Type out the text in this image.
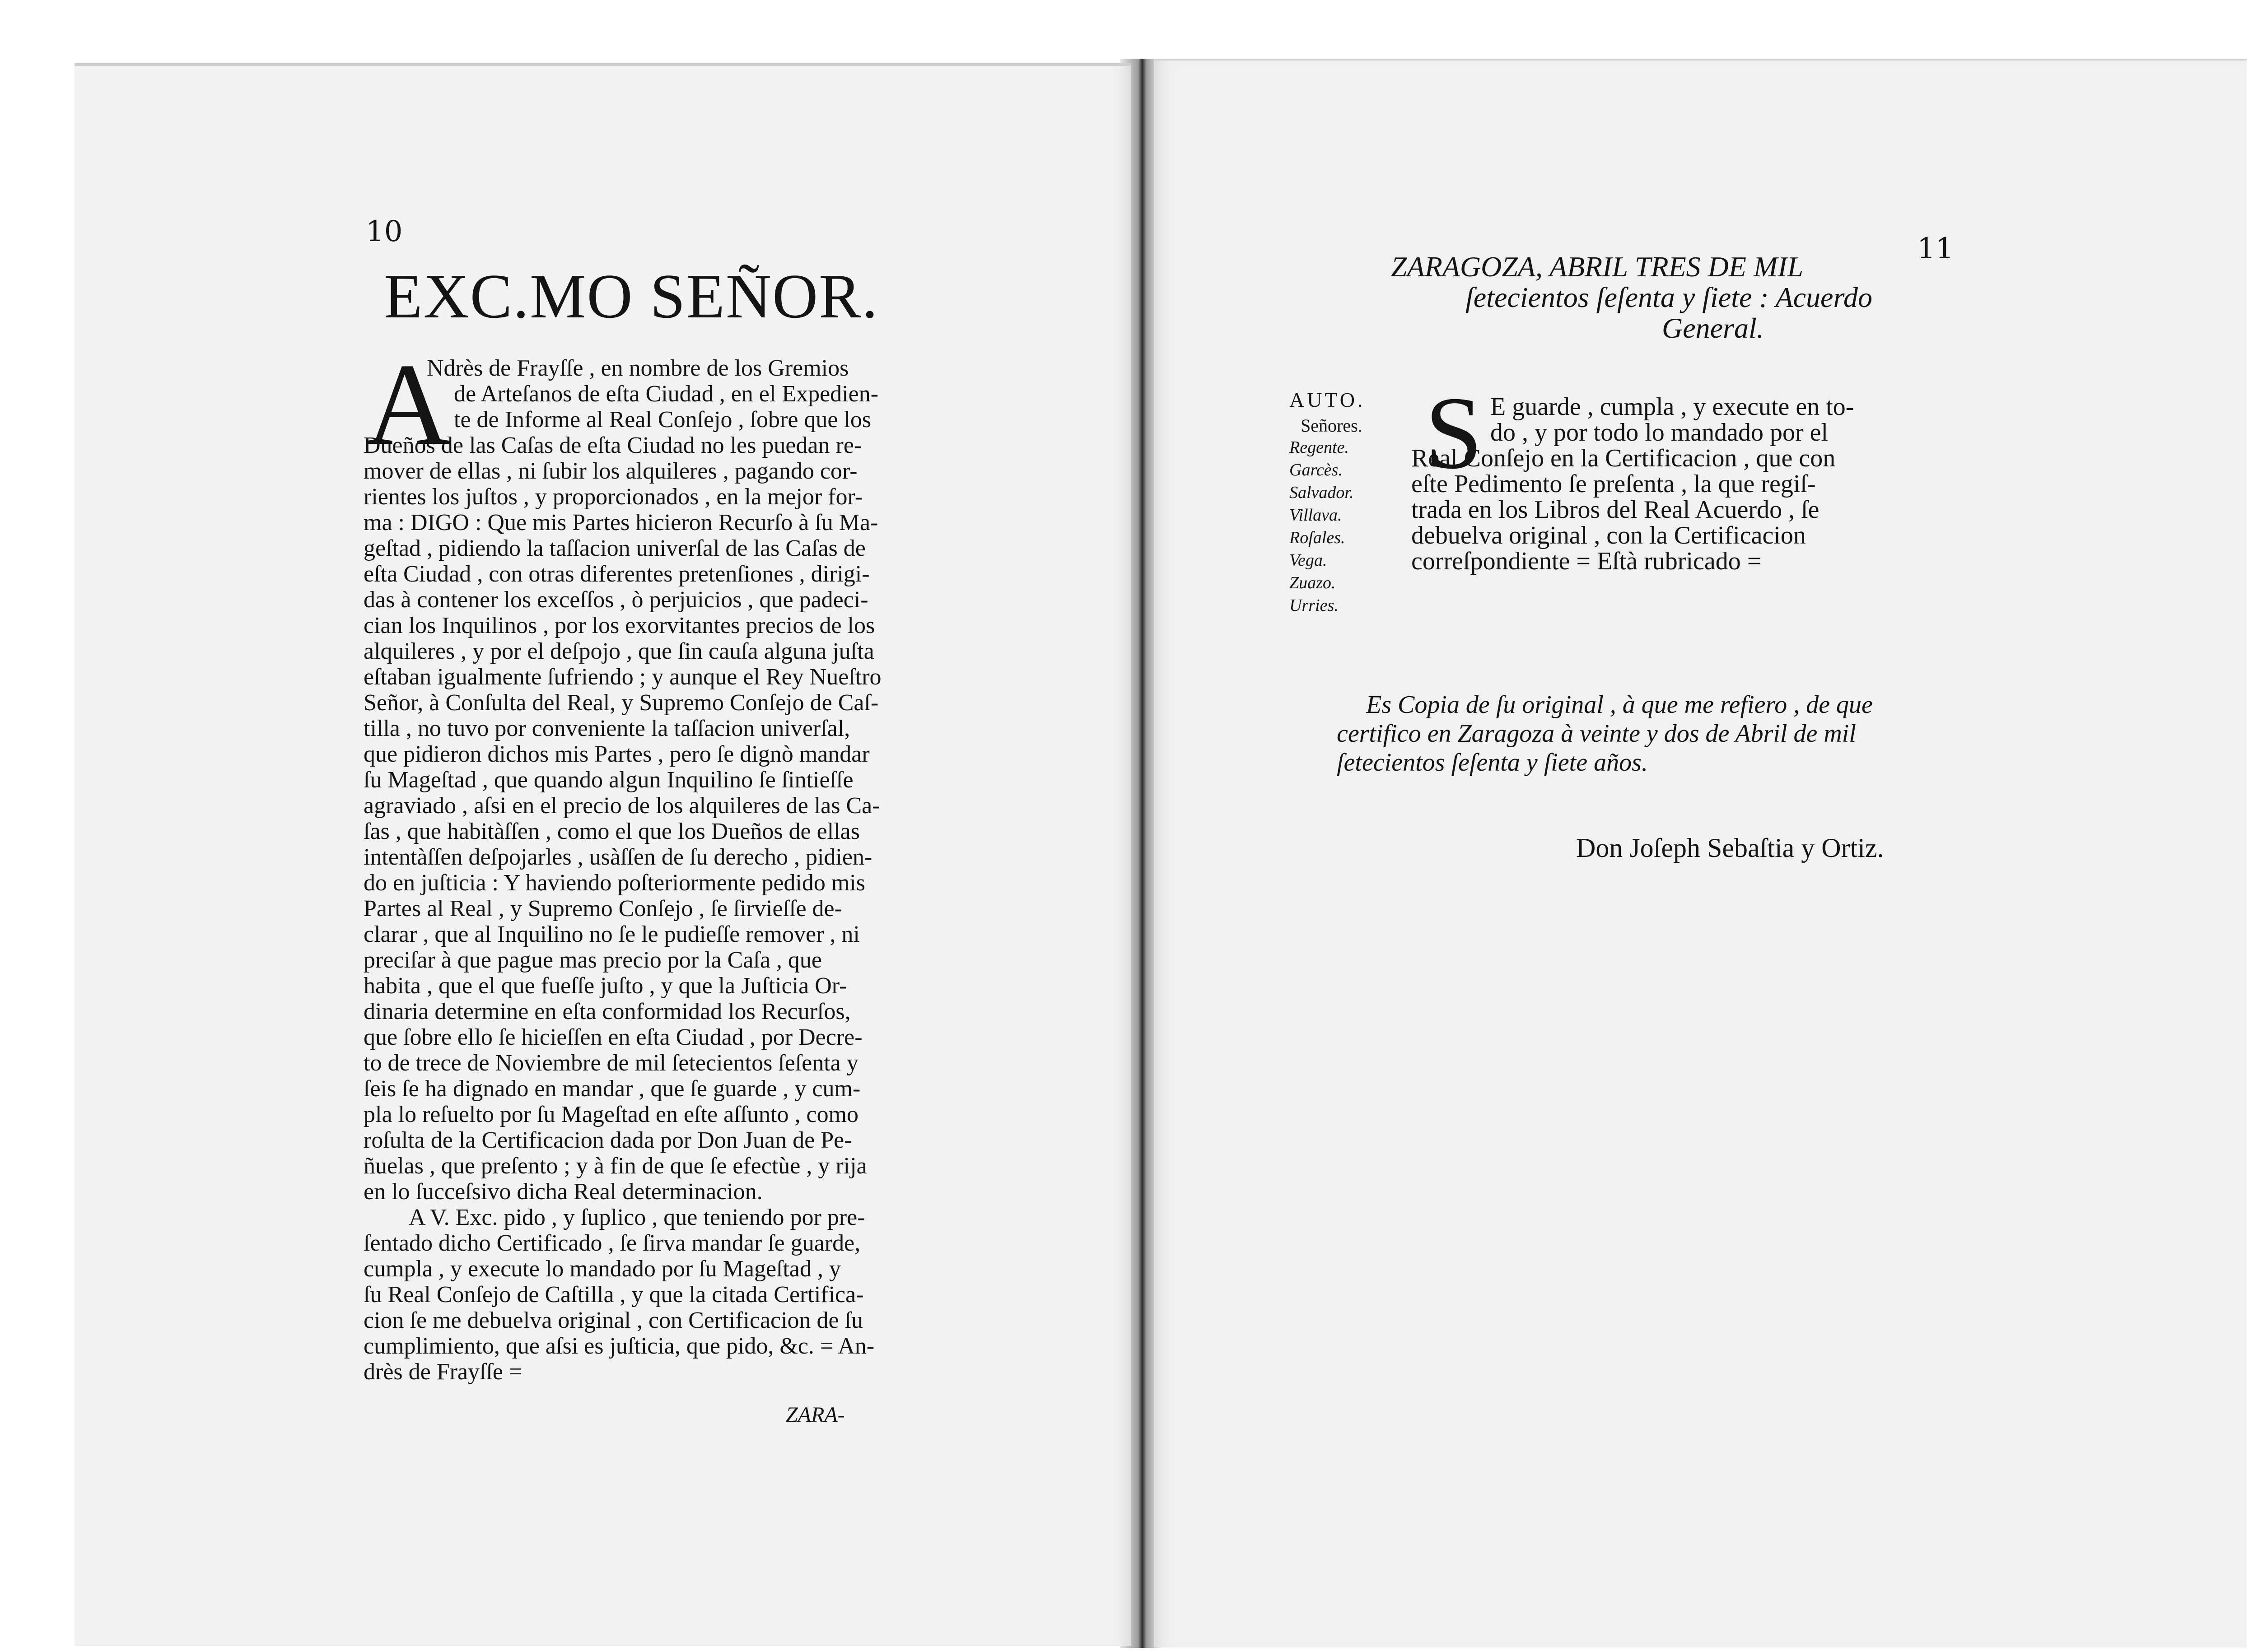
10
EXC.MO SEÑOR.
A
Ndrès de Frayſſe , en nombre de los Gremios
de Arteſanos de eſta Ciudad , en el Expedien-
te de Informe al Real Conſejo , ſobre que los
Dueños de las Caſas de eſta Ciudad no les puedan re-
mover de ellas , ni ſubir los alquileres , pagando cor-
rientes los juſtos , y proporcionados , en la mejor for-
ma : DIGO : Que mis Partes hicieron Recurſo à ſu Ma-
geſtad , pidiendo la taſſacion univerſal de las Caſas de
eſta Ciudad , con otras diferentes pretenſiones , dirigi-
das à contener los exceſſos , ò perjuicios , que padeci-
cian los Inquilinos , por los exorvitantes precios de los
alquileres , y por el deſpojo , que ſin cauſa alguna juſta
eſtaban igualmente ſufriendo ; y aunque el Rey Nueſtro
Señor, à Conſulta del Real, y Supremo Conſejo de Caſ-
tilla , no tuvo por conveniente la taſſacion univerſal,
que pidieron dichos mis Partes , pero ſe dignò mandar
ſu Mageſtad , que quando algun Inquilino ſe ſintieſſe
agraviado , aſsi en el precio de los alquileres de las Ca-
ſas , que habitàſſen , como el que los Dueños de ellas
intentàſſen deſpojarles , usàſſen de ſu derecho , pidien-
do en juſticia : Y haviendo poſteriormente pedido mis
Partes al Real , y Supremo Conſejo , ſe ſirvieſſe de-
clarar , que al Inquilino no ſe le pudieſſe remover , ni
preciſar à que pague mas precio por la Caſa , que
habita , que el que fueſſe juſto , y que la Juſticia Or-
dinaria determine en eſta conformidad los Recurſos,
que ſobre ello ſe hicieſſen en eſta Ciudad , por Decre-
to de trece de Noviembre de mil ſetecientos ſeſenta y
ſeis ſe ha dignado en mandar , que ſe guarde , y cum-
pla lo reſuelto por ſu Mageſtad en eſte aſſunto , como
roſulta de la Certificacion dada por Don Juan de Pe-
ñuelas , que preſento ; y à fin de que ſe efectùe , y rija
en lo ſucceſsivo dicha Real determinacion.
A V. Exc. pido , y ſuplico , que teniendo por pre-
ſentado dicho Certificado , ſe ſirva mandar ſe guarde,
cumpla , y execute lo mandado por ſu Mageſtad , y
ſu Real Conſejo de Caſtilla , y que la citada Certifica-
cion ſe me debuelva original , con Certificacion de ſu
cumplimiento, que aſsi es juſticia, que pido, &c. = An-
drès de Frayſſe =
ZARA-
11
ZARAGOZA, ABRIL TRES DE MIL
ſetecientos ſeſenta y ſiete : Acuerdo
General.
AUTO.
Señores.
Regente.
Garcès.
Salvador.
Villava.
Roſales.
Vega.
Zuazo.
Urries.
S E guarde , cumpla , y execute en to-
do , y por todo lo mandado por el
Real Conſejo en la Certificacion , que con
eſte Pedimento ſe preſenta , la que regiſ-
trada en los Libros del Real Acuerdo , ſe
debuelva original , con la Certificacion
correſpondiente = Eſtà rubricado =
Es Copia de ſu original , à que me refiero , de que
certifico en Zaragoza à veinte y dos de Abril de mil
ſetecientos ſeſenta y ſiete años.
Don Joſeph Sebaſtia y Ortiz.
